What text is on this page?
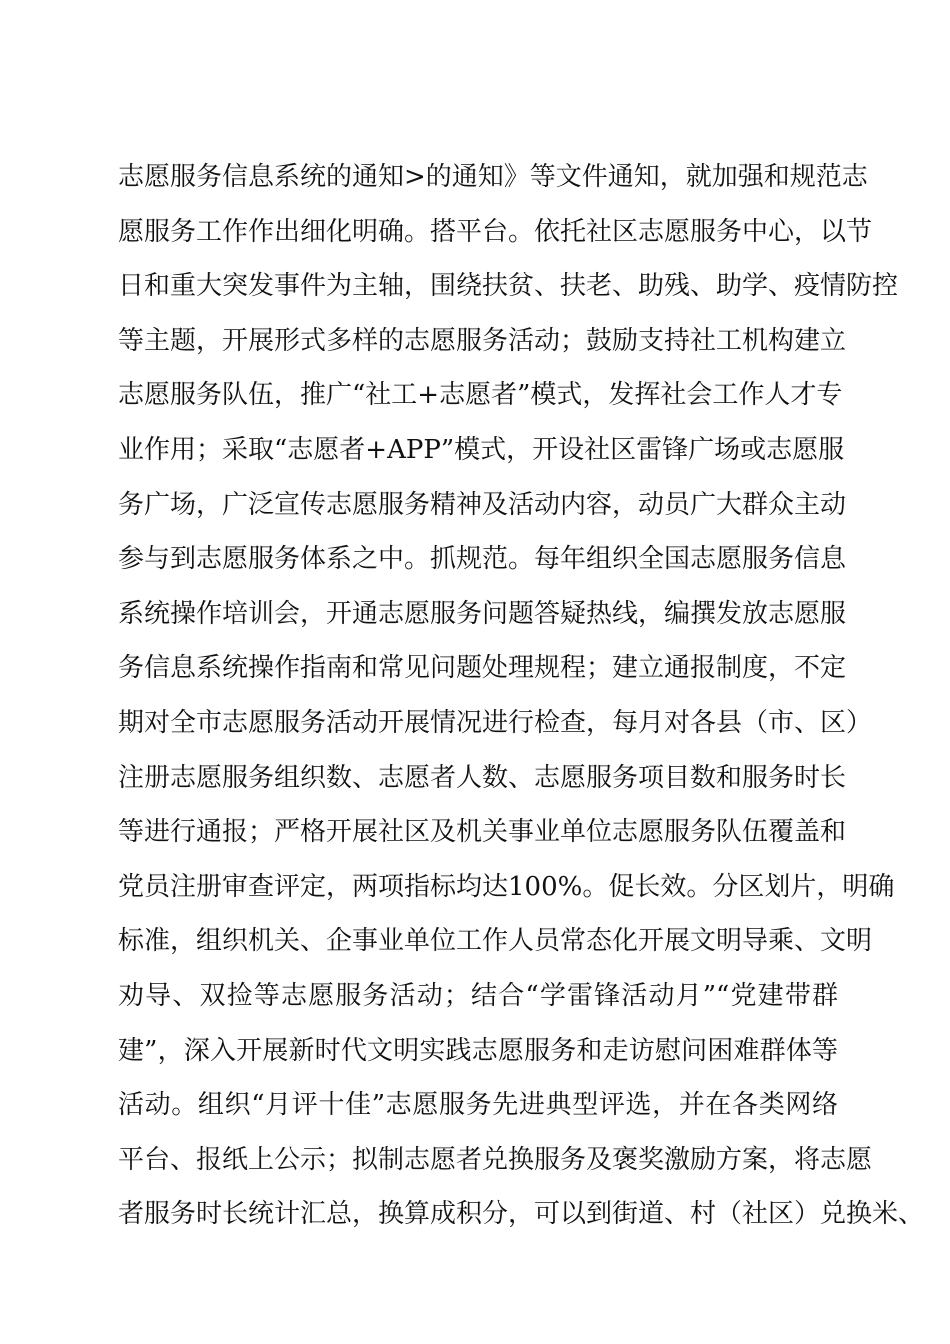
志愿服务信息系统的通知>的通知》等文件通知，就加强和规范志
愿服务工作作出细化明确。搭平台。依托社区志愿服务中心，以节
日和重大突发事件为主轴，围绕扶贫、扶老、助残、助学、疫情防控
等主题，开展形式多样的志愿服务活动；鼓励支持社工机构建立
志愿服务队伍，推广“社工+志愿者”模式，发挥社会工作人才专
业作用；采取“志愿者+APP”模式，开设社区雷锋广场或志愿服
务广场，广泛宣传志愿服务精神及活动内容，动员广大群众主动
参与到志愿服务体系之中。抓规范。每年组织全国志愿服务信息
系统操作培训会，开通志愿服务问题答疑热线，编撰发放志愿服
务信息系统操作指南和常见问题处理规程；建立通报制度，不定
期对全市志愿服务活动开展情况进行检查，每月对各县（市、区）
注册志愿服务组织数、志愿者人数、志愿服务项目数和服务时长
等进行通报；严格开展社区及机关事业单位志愿服务队伍覆盖和
党员注册审查评定，两项指标均达100%。促长效。分区划片，明确
标准，组织机关、企事业单位工作人员常态化开展文明导乘、文明
劝导、双捡等志愿服务活动；结合“学雷锋活动月”“党建带群
建”，深入开展新时代文明实践志愿服务和走访慰问困难群体等
活动。组织“月评十佳”志愿服务先进典型评选，并在各类网络
平台、报纸上公示；拟制志愿者兑换服务及褒奖激励方案，将志愿
者服务时长统计汇总，换算成积分，可以到街道、村（社区）兑换米、
